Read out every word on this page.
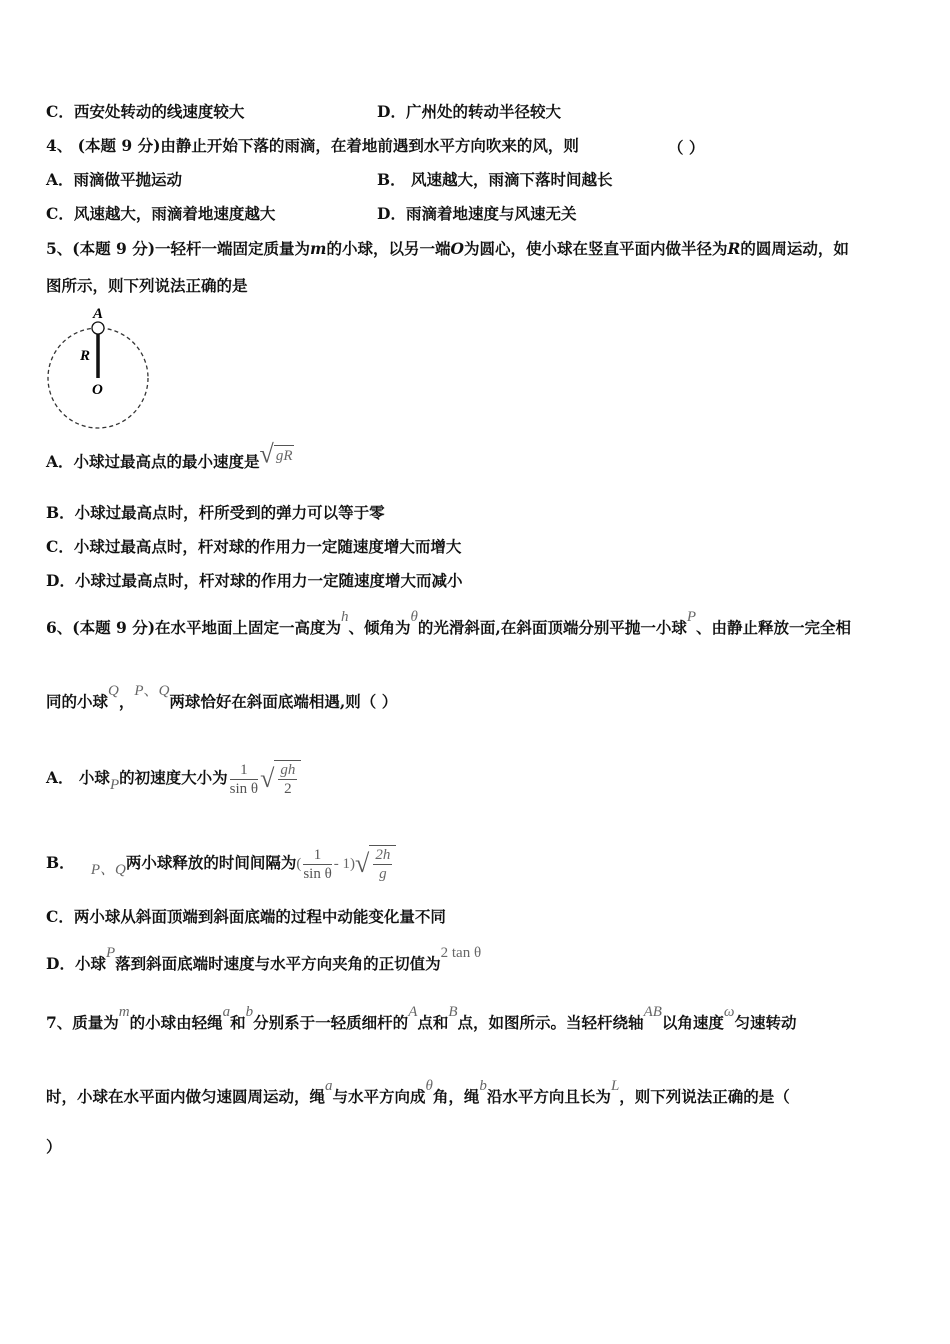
C．西安处转动的线速度较大	D．广州处的转动半径较大
4、 (本题 9 分)由静止开始下落的雨滴，在着地前遇到水平方向吹来的风，则	（ ）
A．雨滴做平抛运动	B． 风速越大，雨滴下落时间越长
C．风速越大，雨滴着地速度越大	D．雨滴着地速度与风速无关
5、(本题 9 分)一轻杆一端固定质量为m的小球，以另一端O为圆心，使小球在竖直平面内做半径为R的圆周运动，如
图所示，则下列说法正确的是
A
R
O
A．小球过最高点的最小速度是√ gR
B．小球过最高点时，杆所受到的弹力可以等于零
C．小球过最高点时，杆对球的作用力一定随速度增大而增大
D．小球过最高点时，杆对球的作用力一定随速度增大而减小
6、(本题 9 分)在水平地面上固定一高度为h、倾角为θ的光滑斜面,在斜面顶端分别平抛一小球P、由静止释放一完全相
同的小球Q，P、Q两球恰好在斜面底端相遇,则（ ）
A． 小球P的初速度大小为 $\frac{1}{\text{sin θ}}$ √ $\frac{gh}{2}$
B． P、Q两小球释放的时间间隔为( $\frac{1}{\text{sin θ}} - 1)√ \frac{2h}{g}$
C．两小球从斜面顶端到斜面底端的过程中动能变化量不同
D．小球P落到斜面底端时速度与水平方向夹角的正切值为2 tan θ
7、质量为m的小球由轻绳a和b分别系于一轻质细杆的A点和B点，如图所示。当轻杆绕轴AB以角速度ω匀速转动
时，小球在水平面内做匀速圆周运动，绳a与水平方向成θ角，绳b沿水平方向且长为L，则下列说法正确的是（
）
